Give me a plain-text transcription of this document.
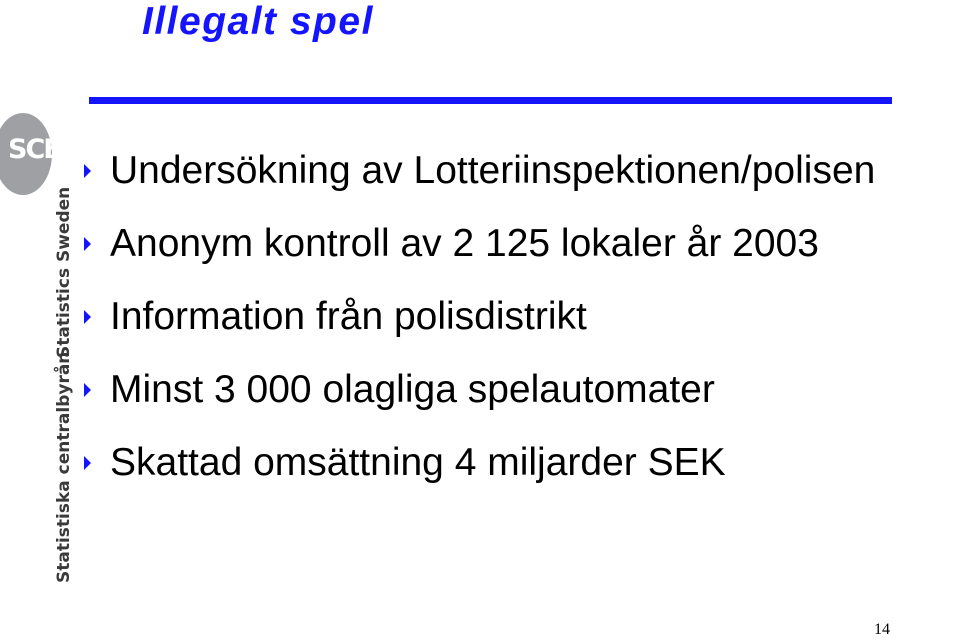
Illegalt spel
SCB
Statistics Sweden
Statistiska centralbyrån
Undersökning av Lotteriinspektionen/polisen
Anonym kontroll av 2 125 lokaler år 2003
Information från polisdistrikt
Minst 3 000 olagliga spelautomater
Skattad omsättning 4 miljarder SEK
14
